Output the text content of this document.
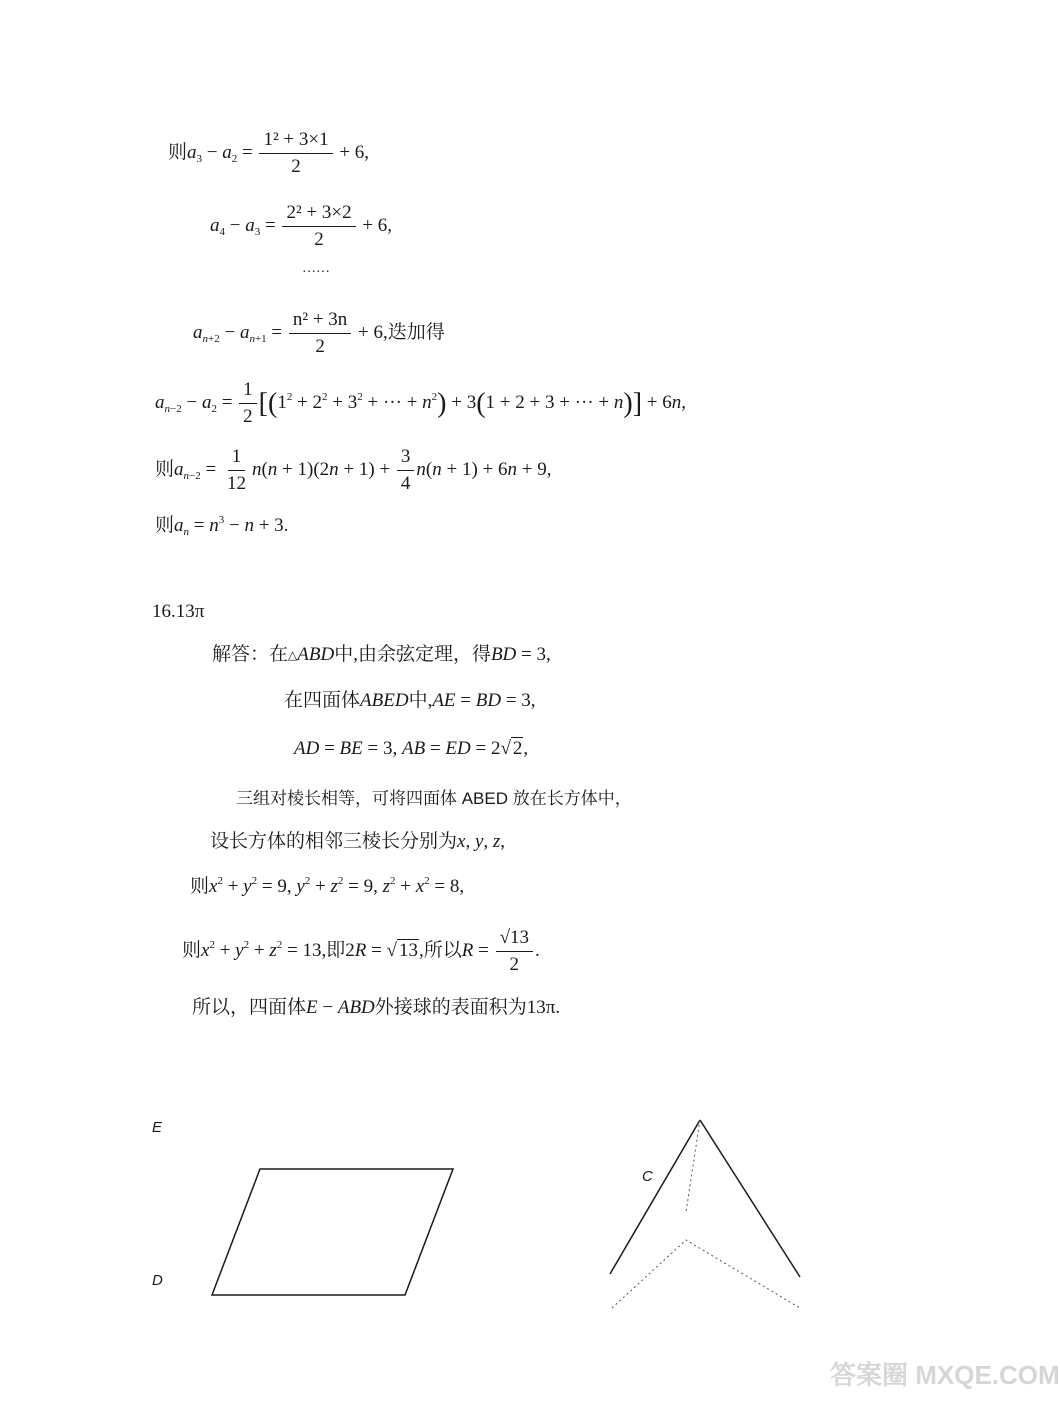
则$a_3 - a_2 = \frac{\text{1² + 3×1}}{2} + 6$,
$a_4 - a_3 = \frac{\text{2² + 3×2}}{2} + 6$,
……
$a_{n+2} - a_{n+1} = \frac{\text{n² + 3n}}{2} + 6$,迭加得
$a_{n-2} - a_2 = \frac{1}{2} [(1^2 + 2^2 + 3^2$ + ··· + $n^2) + 3(1 + 2 + 3$ + ··· + n)] + 6n,
则$a_{n-2} = \frac{1}{12} n(n + 1)(2n + 1) + \frac{3}{4} n(n + 1) + 6n + 9$,
则$a_n = n^3 - n + 3$.
16.13π
解答：在△ABD中,由余弦定理，得BD = 3,
在四面体ABED中,AE = BD = 3,
AD = BE = 3, AB = ED = 2√ 2,
三组对棱长相等，可将四面体 ABED 放在长方体中，
设长方体的相邻三棱长分别为x, y, z,
则$x^2 + y^2 = 9$, $y^2 + z^2 = 9$, $z^2 + x^2 = 8$,
则$x^2 + y^2 + z^2 = 13$,即2R = √ 13,所以$R = \frac{√13}{2}$ .
所以，四面体E − ABD外接球的表面积为13π.
E
D
C
答案圈 MXQE.COM
